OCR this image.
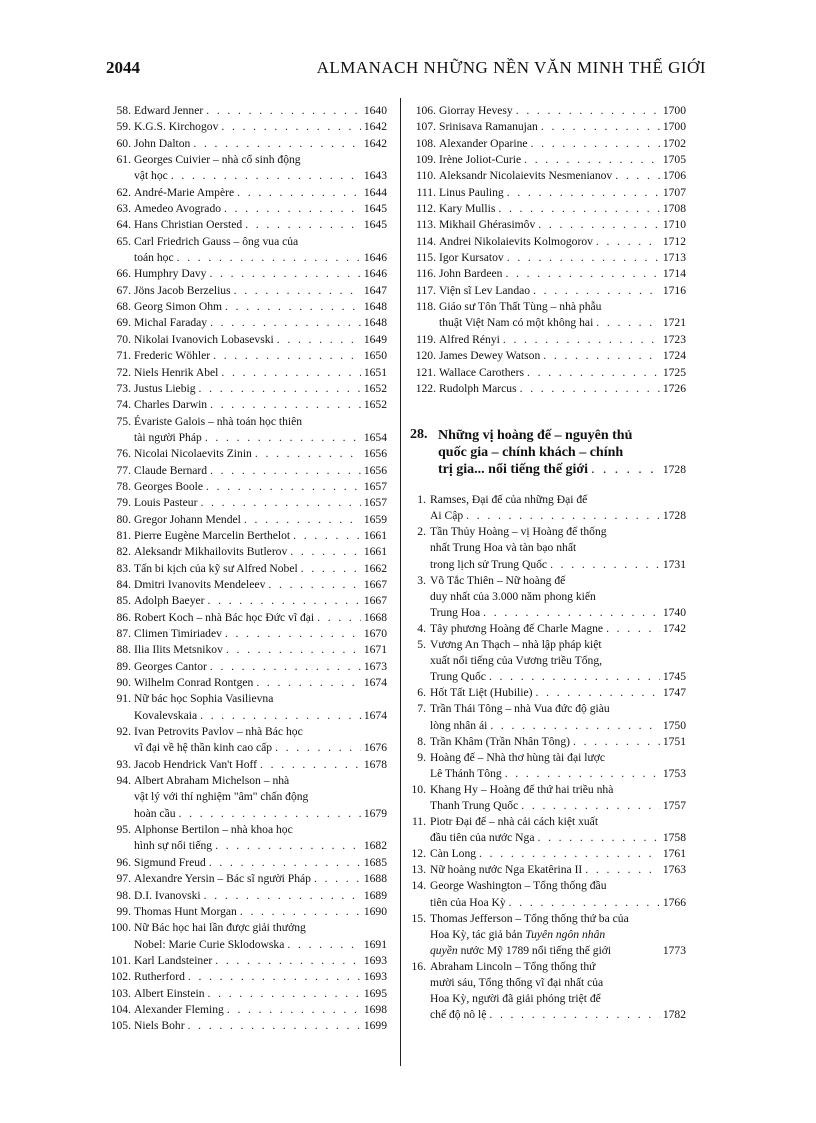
2044	ALMANACH NHỮNG NỀN VĂN MINH THẾ GIỚI
58. Edward Jenner . . .	1640
59. K.G.S. Kirchogov . . .	1642
60. John Dalton . . .	1642
61. Georges Cuivier – nhà cổ sinh động
vật học . . .	1643
62. André-Marie Ampère . . .	1644
63. Amedeo Avogrado . . .	1645
64. Hans Christian Oersted . . .	1645
65. Carl Friedrich Gauss – ông vua của
toán học . . .	1646
66. Humphry Davy . . .	1646
67. Jöns Jacob Berzelius . . .	1647
68. Georg Simon Ohm . . .	1648
69. Michal Faraday . . .	1648
70. Nikolai Ivanovich Lobasevski . . .	1649
71. Frederic Wöhler . . .	1650
72. Niels Henrik Abel . . .	1651
73. Justus Liebig . . .	1652
74. Charles Darwin . . .	1652
75. Évariste Galois – nhà toán học thiên
tài người Pháp . . .	1654
76. Nicolai Nicolaevits Zinin . . .	1656
77. Claude Bernard . . .	1656
78. Georges Boole . . .	1657
79. Louis Pasteur . . .	1657
80. Gregor Johann Mendel . . .	1659
81. Pierre Eugène Marcelin Berthelot . . .	1661
82. Aleksandr Mikhailovits Butlerov . . .	1661
83. Tấn bi kịch của kỹ sư Alfred Nobel . . .	1662
84. Dmitri Ivanovits Mendeleev . . .	1667
85. Adolph Baeyer . . .	1667
86. Robert Koch – nhà Bác học Đức vĩ đại . . .	1668
87. Climen Timiriadev . . .	1670
88. Ilia Ilits Metsnikov . . .	1671
89. Georges Cantor . . .	1673
90. Wilhelm Conrad Rontgen . . .	1674
91. Nữ bác học Sophia Vasilievna
Kovalevskaia . . .	1674
92. Ivan Petrovits Pavlov – nhà Bác học
vĩ đại về hệ thần kinh cao cấp . . .	1676
93. Jacob Hendrick Van't Hoff . . .	1678
94. Albert Abraham Michelson – nhà
vật lý với thí nghiệm "âm" chấn động
hoàn cầu . . .	1679
95. Alphonse Bertilon – nhà khoa học
hình sự nổi tiếng . . .	1682
96. Sigmund Freud . . .	1685
97. Alexandre Yersin – Bác sĩ người Pháp . . .	1688
98. D.I. Ivanovski . . .	1689
99. Thomas Hunt Morgan . . .	1690
100. Nữ Bác học hai lần được giải thưởng
Nobel: Marie Curie Sklodowska . . .	1691
101. Karl Landsteiner . . .	1693
102. Rutherford . . .	1693
103. Albert Einstein . . .	1695
104. Alexander Fleming . . .	1698
105. Niels Bohr . . .	1699
106. Giorray Hevesy . . .	1700
107. Srinisava Ramanujan . . .	1700
108. Alexander Oparine . . .	1702
109. Irène Joliot-Curie . . .	1705
110. Aleksandr Nicolaievits Nesmenianov . . .	1706
111. Linus Pauling . . .	1707
112. Kary Mullis . . .	1708
113. Mikhail Ghérasimôv . . .	1710
114. Andrei Nikolaievits Kolmogorov . . .	1712
115. Igor Kursatov . . .	1713
116. John Bardeen . . .	1714
117. Viện sĩ Lev Landao . . .	1716
118. Giáo sư Tôn Thất Tùng – nhà phẫu
thuật Việt Nam có một không hai . . .	1721
119. Alfred Rényi . . .	1723
120. James Dewey Watson . . .	1724
121. Wallace Carothers . . .	1725
122. Rudolph Marcus . . .	1726
28. Những vị hoàng đế – nguyên thủ
quốc gia – chính khách – chính
trị gia... nổi tiếng thế giới . . .	1728
1. Ramses, Đại đế của những Đại đế
Ai Cập . . .	1728
2. Tần Thủy Hoàng – vị Hoàng đế thống
nhất Trung Hoa và tàn bạo nhất
trong lịch sử Trung Quốc . . .	1731
3. Võ Tắc Thiên – Nữ hoàng đế
duy nhất của 3.000 năm phong kiến
Trung Hoa . . .	1740
4. Tây phương Hoàng đế Charle Magne . . .	1742
5. Vương An Thạch – nhà lập pháp kiệt
xuất nổi tiếng của Vương triều Tống,
Trung Quốc . . .	1745
6. Hốt Tất Liệt (Hubilie) . . .	1747
7. Trần Thái Tông – nhà Vua đức độ giàu
lòng nhân ái . . .	1750
8. Trần Khâm (Trần Nhân Tông) . . .	1751
9. Hoàng đế – Nhà thơ hùng tài đại lược
Lê Thánh Tông . . .	1753
10. Khang Hy – Hoàng đế thứ hai triều nhà
Thanh Trung Quốc . . .	1757
11. Piotr Đại đế – nhà cải cách kiệt xuất
đầu tiên của nước Nga . . .	1758
12. Càn Long . . .	1761
13. Nữ hoàng nước Nga Ekatêrina II . . .	1763
14. George Washington – Tổng thống đầu
tiên của Hoa Kỳ . . .	1766
15. Thomas Jefferson – Tổng thống thứ ba của
Hoa Kỳ, tác giả bản Tuyên ngôn nhân
quyền nước Mỹ 1789 nổi tiếng thế giới	1773
16. Abraham Lincoln – Tổng thống thứ
mười sáu, Tổng thống vĩ đại nhất của
Hoa Kỳ, người đã giải phóng triệt để
chế độ nô lệ . . .	1782
